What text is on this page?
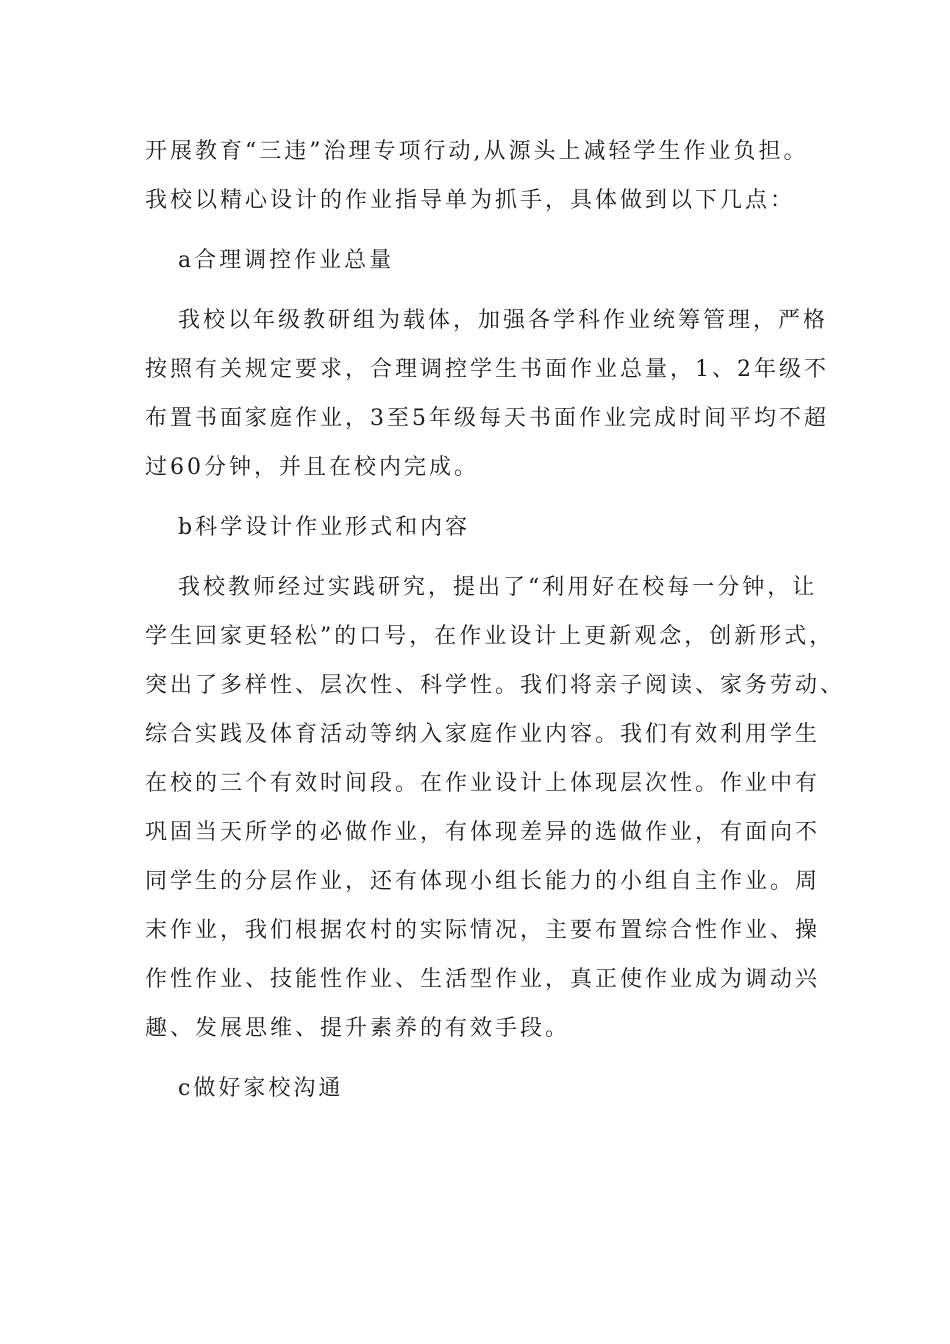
开展教育“三违”治理专项行动,从源头上减轻学生作业负担。
我校以精心设计的作业指导单为抓手，具体做到以下几点：
a合理调控作业总量
我校以年级教研组为载体，加强各学科作业统筹管理，严格
按照有关规定要求，合理调控学生书面作业总量，1、2年级不
布置书面家庭作业，3至5年级每天书面作业完成时间平均不超
过60分钟，并且在校内完成。
b科学设计作业形式和内容
我校教师经过实践研究，提出了“利用好在校每一分钟，让
学生回家更轻松”的口号，在作业设计上更新观念，创新形式，
突出了多样性、层次性、科学性。我们将亲子阅读、家务劳动、
综合实践及体育活动等纳入家庭作业内容。我们有效利用学生
在校的三个有效时间段。在作业设计上体现层次性。作业中有
巩固当天所学的必做作业，有体现差异的选做作业，有面向不
同学生的分层作业，还有体现小组长能力的小组自主作业。周
末作业，我们根据农村的实际情况，主要布置综合性作业、操
作性作业、技能性作业、生活型作业，真正使作业成为调动兴
趣、发展思维、提升素养的有效手段。
c做好家校沟通
